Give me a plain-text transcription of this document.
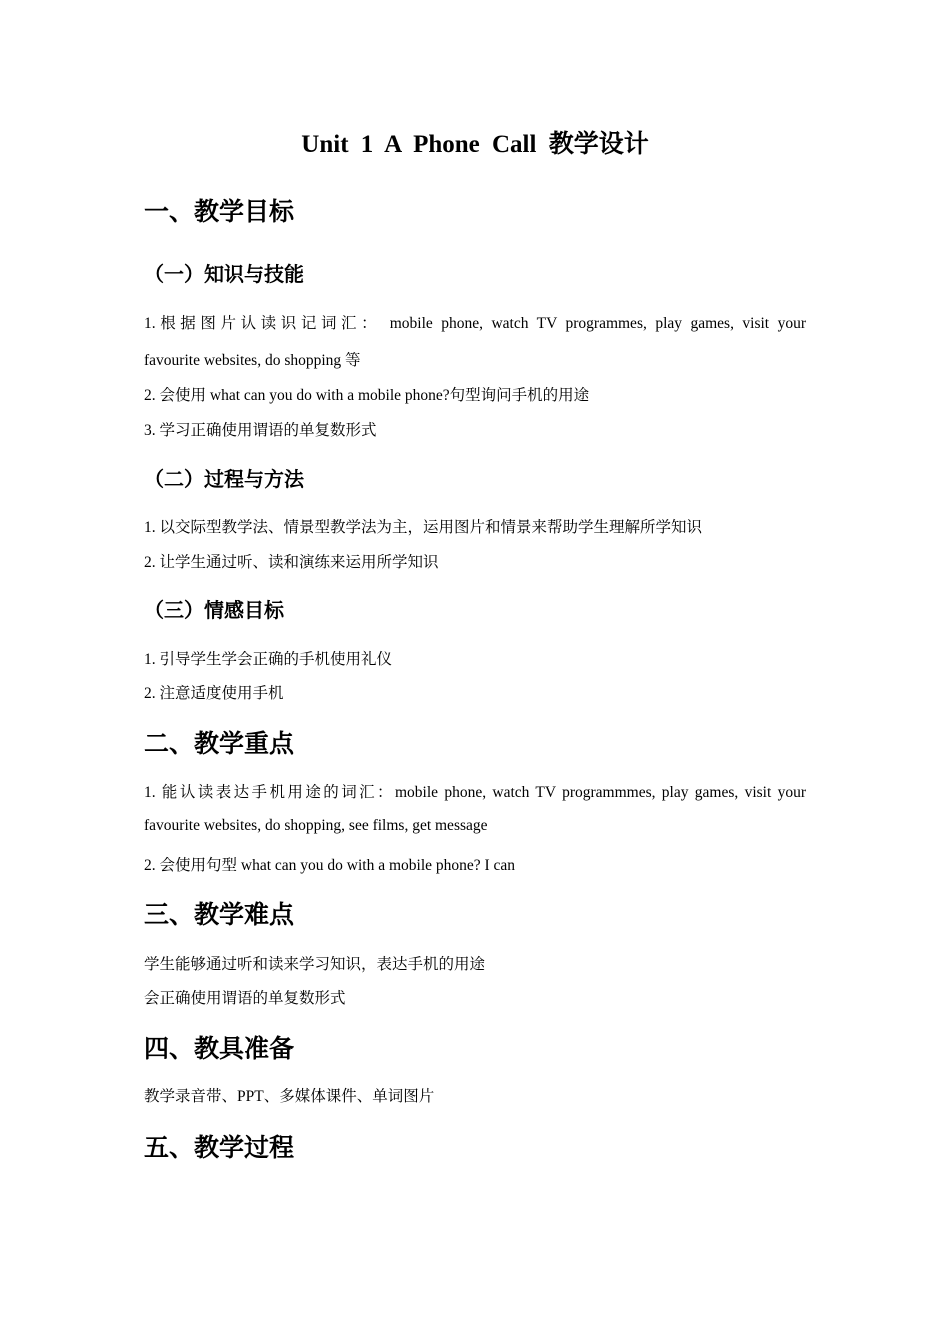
Unit 1 A Phone Call 教学设计
一、教学目标
（一）知识与技能
1.根据图片认读识记词汇： mobile phone, watch TV programmes, play games, visit your
favourite websites, do shopping 等
2. 会使用 what can you do with a mobile phone?句型询问手机的用途
3. 学习正确使用谓语的单复数形式
（二）过程与方法
1. 以交际型教学法、情景型教学法为主，运用图片和情景来帮助学生理解所学知识
2. 让学生通过听、读和演练来运用所学知识
（三）情感目标
1. 引导学生学会正确的手机使用礼仪
2. 注意适度使用手机
二、教学重点
1. 能认读表达手机用途的词汇：mobile phone, watch TV programmmes, play games, visit your
favourite websites, do shopping, see films, get message
2. 会使用句型 what can you do with a mobile phone? I can
三、教学难点
学生能够通过听和读来学习知识，表达手机的用途
会正确使用谓语的单复数形式
四、教具准备
教学录音带、PPT、多媒体课件、单词图片
五、教学过程
